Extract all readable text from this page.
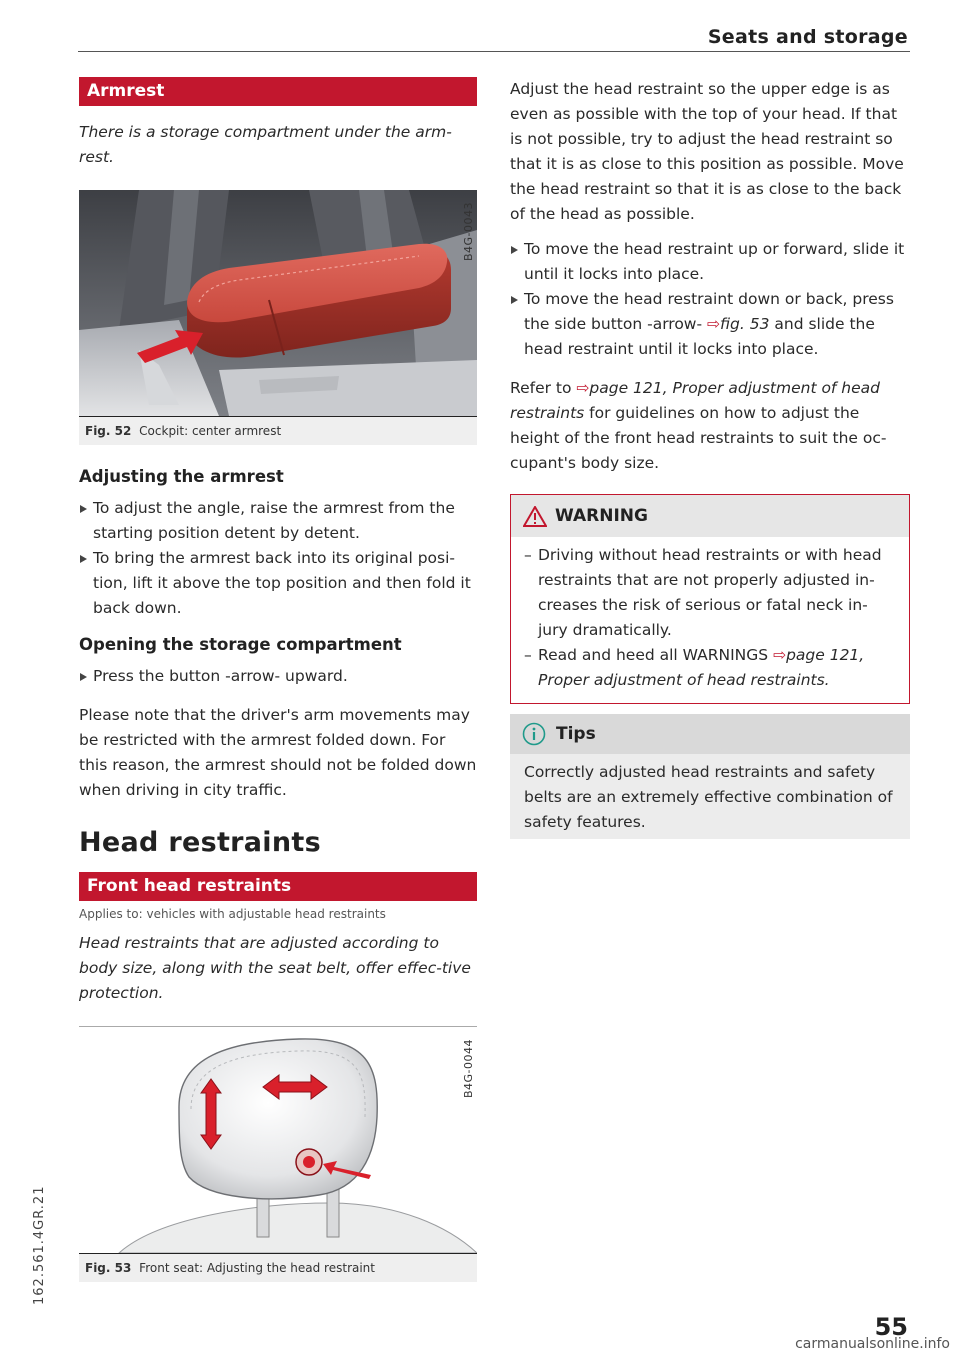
Seats and storage
Armrest

There is a storage compartment under the arm-rest.

B4G-0043
Fig. 52 Cockpit: center armrest
Adjusting the armrest
To adjust the angle, raise the armrest from the starting position detent by detent.
To bring the armrest back into its original posi-tion, lift it above the top position and then fold it back down.
Opening the storage compartment
Press the button -arrow- upward.

Please note that the driver's arm movements may be restricted with the armrest folded down. For this reason, the armrest should not be folded down when driving in city traffic.

Head restraints
Front head restraints
Applies to: vehicles with adjustable head restraints

Head restraints that are adjusted according to body size, along with the seat belt, offer effec-tive protection.

B4G-0044
Fig. 53 Front seat: Adjusting the head restraint

Adjust the head restraint so the upper edge is as even as possible with the top of your head. If that is not possible, try to adjust the head restraint so that it is as close to this position as possible. Move the head restraint so that it is as close to the back of the head as possible.

To move the head restraint up or forward, slide it until it locks into place.
To move the head restraint down or back, press the side button -arrow- ⇨fig. 53 and slide the head restraint until it locks into place.

Refer to ⇨page 121, Proper adjustment of head restraints for guidelines on how to adjust the height of the front head restraints to suit the oc-cupant's body size.

WARNING
– Driving without head restraints or with head restraints that are not properly adjusted in-creases the risk of serious or fatal neck in-jury dramatically.
– Read and heed all WARNINGS ⇨page 121, Proper adjustment of head restraints.
Tips
Correctly adjusted head restraints and safety belts are an extremely effective combination of safety features.
162.561.4GR.21
55
carmanualsonline.info
